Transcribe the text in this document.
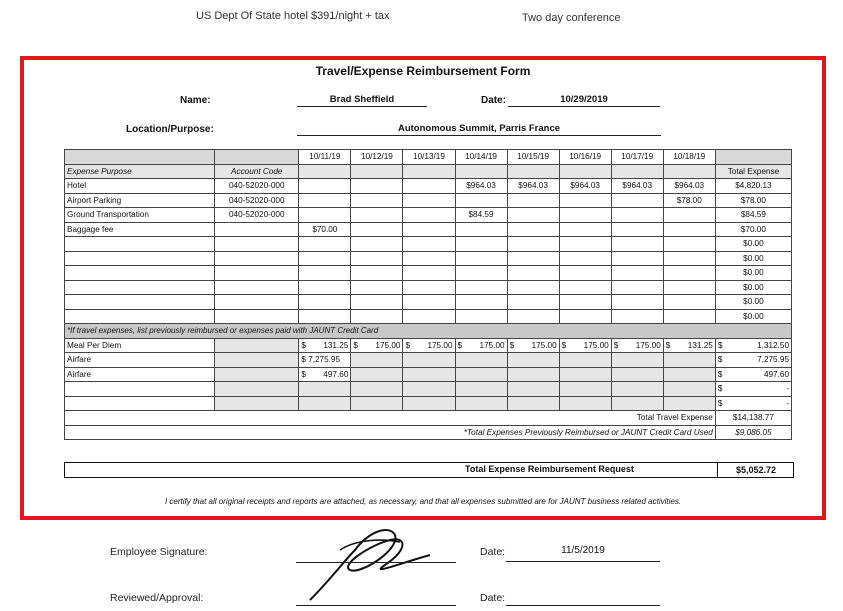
US Dept Of State hotel $391/night + tax	Two day conference
Travel/Expense Reimbursement Form
Name:	Brad Sheffield	Date:	10/29/2019
Location/Purpose:	Autonomous Summit, Parris France
		10/11/19	10/12/19	10/13/19	10/14/19	10/15/19	10/16/19	10/17/19	10/18/19	
Expense Purpose	Account Code									Total Expense
Hotel	040-52020-000				$964.03	$964.03	$964.03	$964.03	$964.03	$4,820.13
Airport Parking	040-52020-000								$78.00	$78.00
Ground Transportation	040-52020-000				$84.59					$84.59
Baggage fee		$70.00								$70.00
										$0.00
										$0.00
										$0.00
										$0.00
										$0.00
										$0.00
*If travel expenses, list previously reimbursed or expenses paid with JAUNT Credit Card										
Meal Per Diem		$ 131.25	$ 175.00	$ 175.00	$ 175.00	$ 175.00	$ 175.00	$ 175.00	$ 131.25	$ 1,312.50

Airfare		$ 7,275.95								$ 7,275.95

Airfare		$ 497.60								$ 497.60

										$ -

										$ -

Total Travel Expense										$14,138.77
*Total Expenses Previously Reimbursed or JAUNT Credit Card Used										$9,086.05
Total Expense Reimbursement Request	$5,052.72
I certify that all original receipts and reports are attached, as necessary, and that all expenses submitted are for JAUNT business related activities.
Employee Signature:	Date:	11/5/2019
Reviewed/Approval:	Date:
